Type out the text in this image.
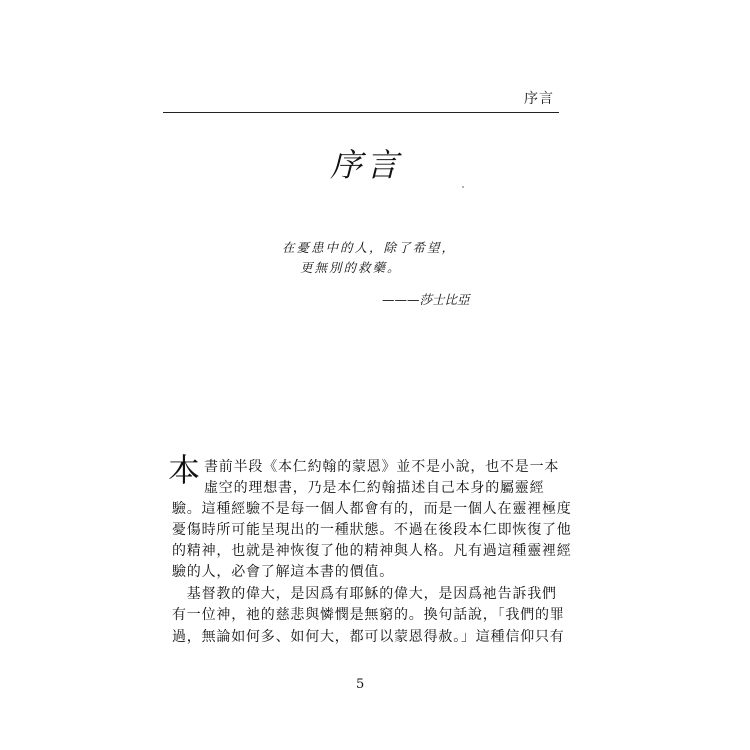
序言
序言
在憂患中的人，除了希望，
更無別的救藥。
———莎士比亞
本 書前半段《本仁約翰的蒙恩》並不是小說，也不是一本
虛空的理想書，乃是本仁約翰描述自己本身的屬靈經
驗。這種經驗不是每一個人都會有的，而是一個人在靈裡極度
憂傷時所可能呈現出的一種狀態。不過在後段本仁即恢復了他
的精神，也就是神恢復了他的精神與人格。凡有過這種靈裡經
驗的人，必會了解這本書的價值。
　基督教的偉大，是因爲有耶穌的偉大，是因爲祂告訴我們
有一位神，祂的慈悲與憐憫是無窮的。換句話說，「我們的罪
過，無論如何多、如何大，都可以蒙恩得赦。」這種信仰只有
5
